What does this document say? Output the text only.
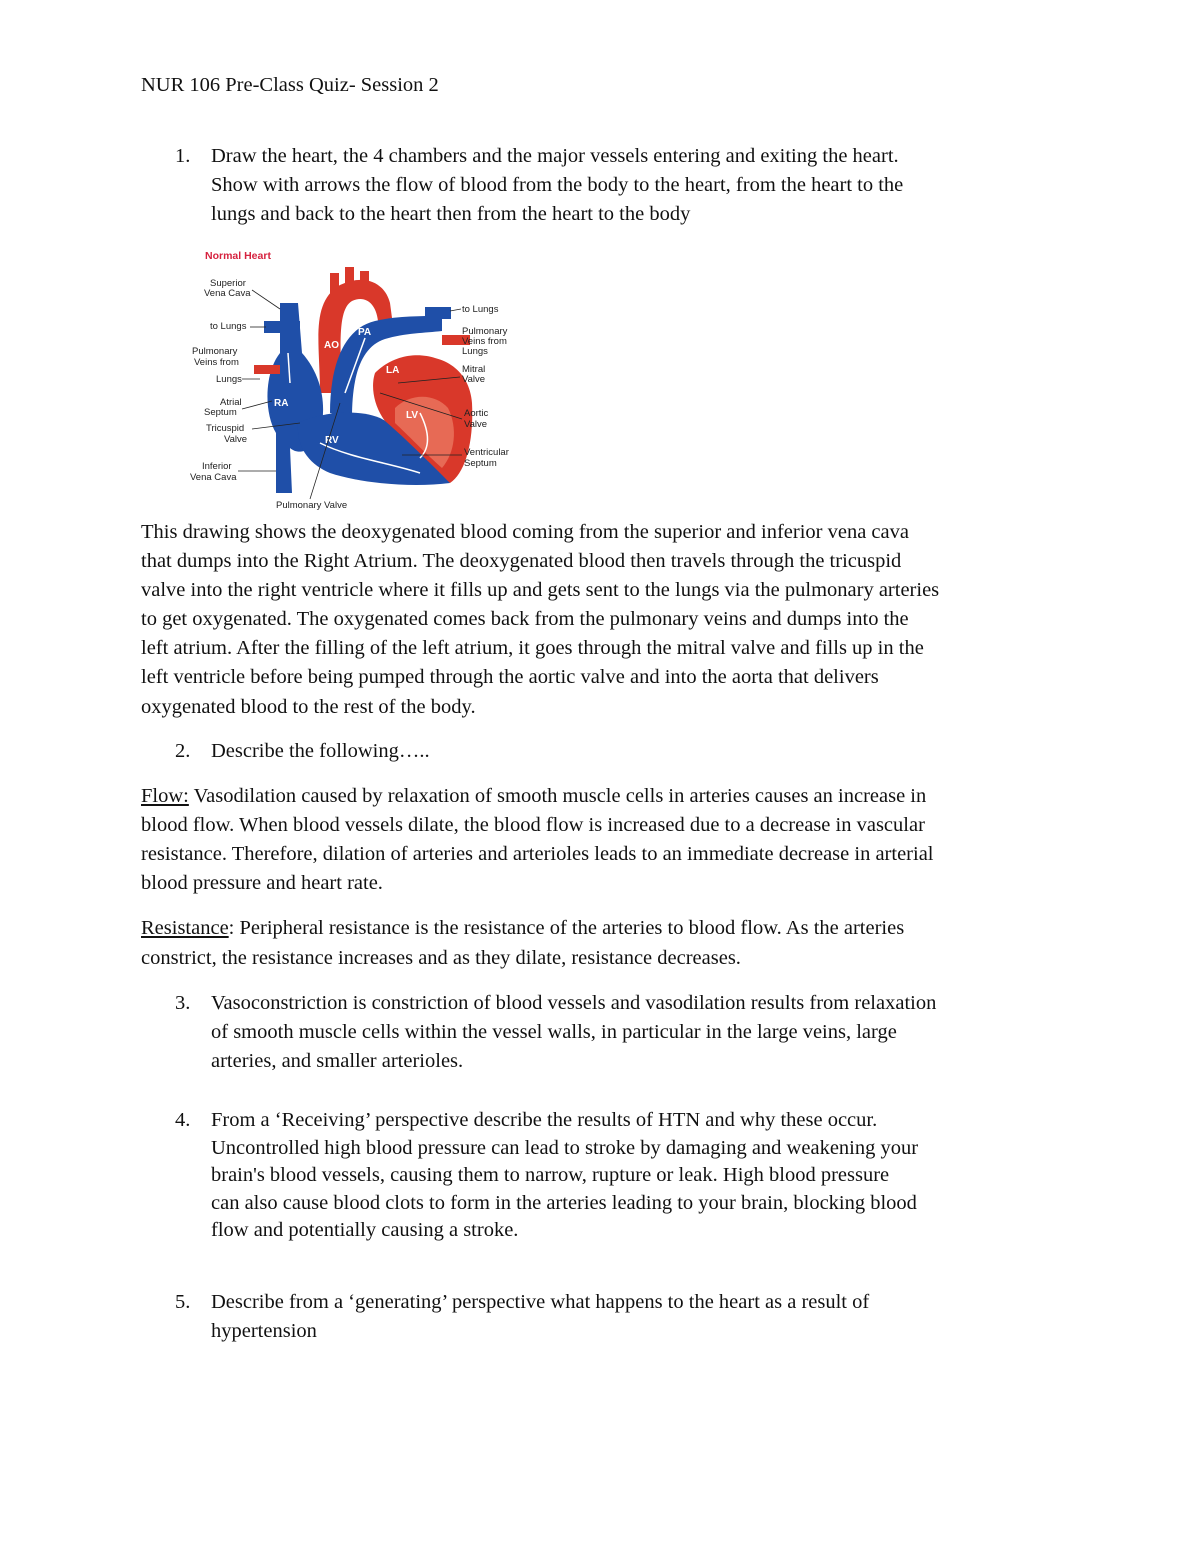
NUR 106 Pre-Class Quiz- Session 2
1. Draw the heart, the 4 chambers and the major vessels entering and exiting the heart.
Show with arrows the flow of blood from the body to the heart, from the heart to the
lungs and back to the heart then from the heart to the body
Normal Heart
AO
PA
RA
RV
LA
LV
Superior
Vena Cava
to Lungs
Pulmonary
Veins from
Lungs
Atrial
Septum
Tricuspid
Valve
Inferior
Vena Cava
Pulmonary Valve
to Lungs
Pulmonary
Veins from
Lungs
Mitral
Valve
Aortic
Valve
Ventricular
Septum
This drawing shows the deoxygenated blood coming from the superior and inferior vena cava
that dumps into the Right Atrium. The deoxygenated blood then travels through the tricuspid
valve into the right ventricle where it fills up and gets sent to the lungs via the pulmonary arteries
to get oxygenated. The oxygenated comes back from the pulmonary veins and dumps into the
left atrium. After the filling of the left atrium, it goes through the mitral valve and fills up in the
left ventricle before being pumped through the aortic valve and into the aorta that delivers
oxygenated blood to the rest of the body.
2. Describe the following…..
Flow: Vasodilation caused by relaxation of smooth muscle cells in arteries causes an increase in
blood flow. When blood vessels dilate, the blood flow is increased due to a decrease in vascular
resistance. Therefore, dilation of arteries and arterioles leads to an immediate decrease in arterial
blood pressure and heart rate.
Resistance: Peripheral resistance is the resistance of the arteries to blood flow. As the arteries
constrict, the resistance increases and as they dilate, resistance decreases.
3. Vasoconstriction is constriction of blood vessels and vasodilation results from relaxation
of smooth muscle cells within the vessel walls, in particular in the large veins, large
arteries, and smaller arterioles.
4. From a ‘Receiving’ perspective describe the results of HTN and why these occur.
Uncontrolled high blood pressure can lead to stroke by damaging and weakening your
brain's blood vessels, causing them to narrow, rupture or leak. High blood pressure
can also cause blood clots to form in the arteries leading to your brain, blocking blood
flow and potentially causing a stroke.
5. Describe from a ‘generating’ perspective what happens to the heart as a result of
hypertension
